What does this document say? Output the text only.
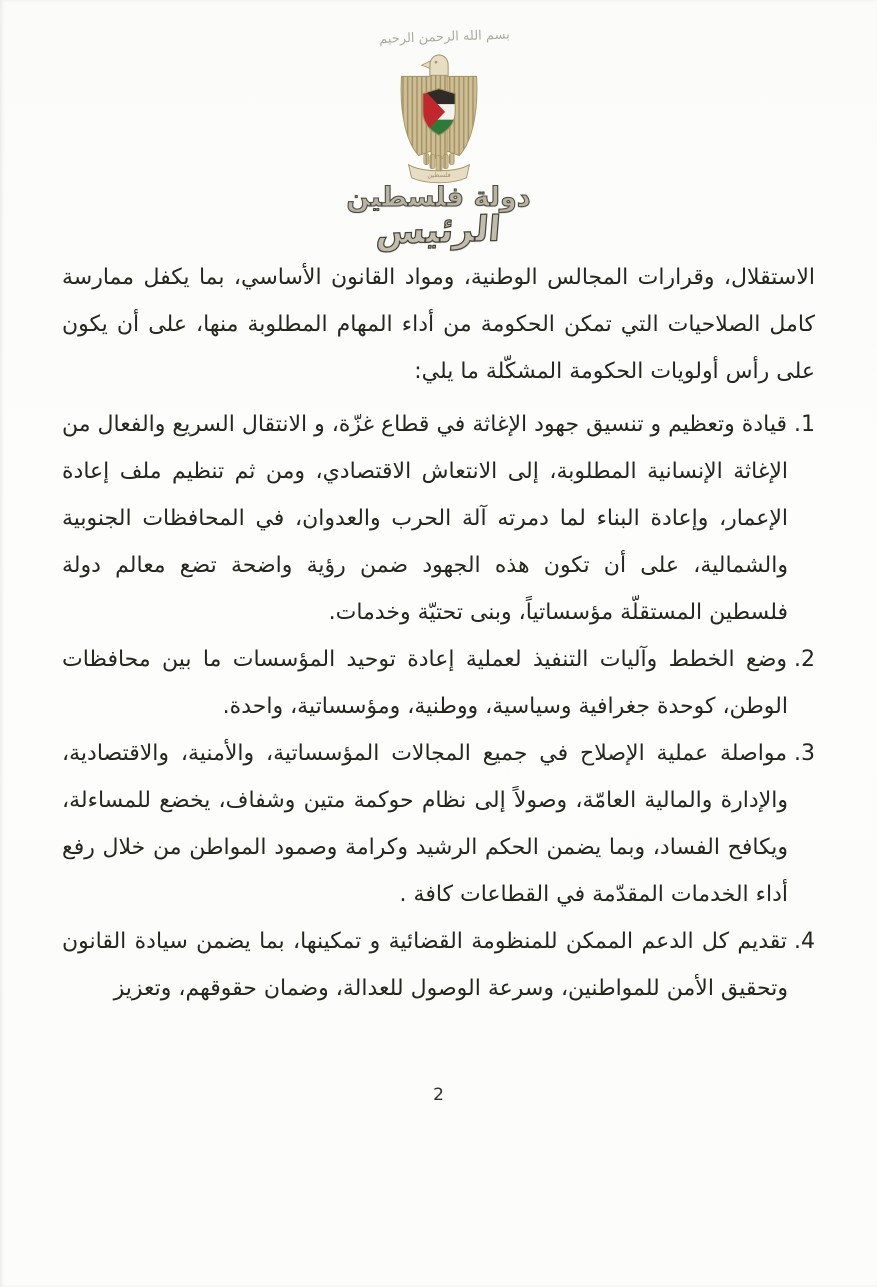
بسم الله الرحمن الرحيم
فلسطين
دولة فلسطين
الرئيس

الاستقلال، وقرارات المجالس الوطنية، ومواد القانون الأساسي، بما يكفل ممارسة كامل الصلاحيات التي تمكن الحكومة من أداء المهام المطلوبة منها، على أن يكون على رأس أولويات الحكومة المشكّلة ما يلي:

1.قيادة وتعظيم و تنسيق جهود الإغاثة في قطاع غزّة، و الانتقال السريع والفعال من الإغاثة الإنسانية المطلوبة، إلى الانتعاش الاقتصادي، ومن ثم تنظيم ملف إعادة الإعمار، وإعادة البناء لما دمرته آلة الحرب والعدوان، في المحافظات الجنوبية والشمالية، على أن تكون هذه الجهود ضمن رؤية واضحة تضع معالم دولة فلسطين المستقلّة مؤسساتياً، وبنى تحتيّة وخدمات.
2.وضع الخطط وآليات التنفيذ لعملية إعادة توحيد المؤسسات ما بين محافظات الوطن، كوحدة جغرافية وسياسية، ووطنية، ومؤسساتية، واحدة.
3.مواصلة عملية الإصلاح في جميع المجالات المؤسساتية، والأمنية، والاقتصادية، والإدارة والمالية العامّة، وصولاً إلى نظام حوكمة متين وشفاف، يخضع للمساءلة، ويكافح الفساد، وبما يضمن الحكم الرشيد وكرامة وصمود المواطن من خلال رفع أداء الخدمات المقدّمة في القطاعات كافة .
4.تقديم كل الدعم الممكن للمنظومة القضائية و تمكينها، بما يضمن سيادة القانون وتحقيق الأمن للمواطنين، وسرعة الوصول للعدالة، وضمان حقوقهم، وتعزيز
2
